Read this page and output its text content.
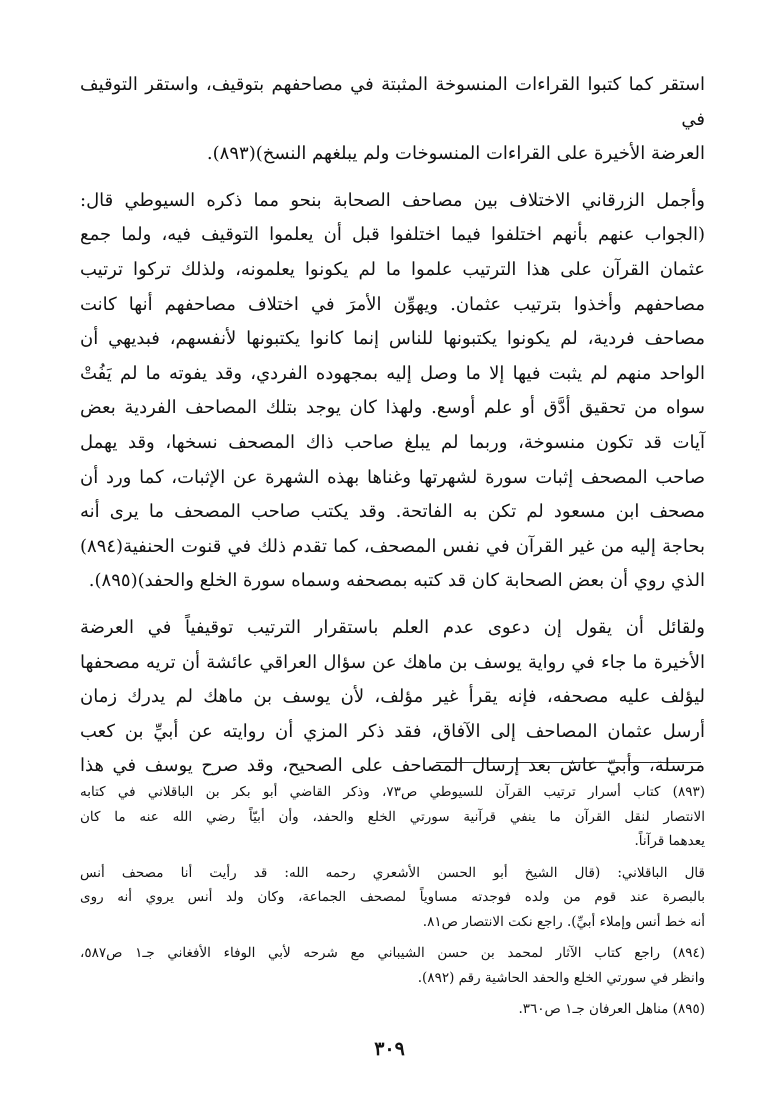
استقر كما كتبوا القراءات المنسوخة المثبتة في مصاحفهم بتوقيف، واستقر التوقيف في
العرضة الأخيرة على القراءات المنسوخات ولم يبلغهم النسخ)(٨٩٣).

وأجمل الزرقاني الاختلاف بين مصاحف الصحابة بنحو مما ذكره السيوطي قال:
(الجواب عنهم بأنهم اختلفوا فيما اختلفوا قبل أن يعلموا التوقيف فيه، ولما جمع
عثمان القرآن على هذا الترتيب علموا ما لم يكونوا يعلمونه، ولذلك تركوا ترتيب
مصاحفهم وأخذوا بترتيب عثمان. ويهوِّن الأمرَ في اختلاف مصاحفهم أنها كانت
مصاحف فردية، لم يكونوا يكتبونها للناس إنما كانوا يكتبونها لأنفسهم، فبديهي أن
الواحد منهم لم يثبت فيها إلا ما وصل إليه بمجهوده الفردي، وقد يفوته ما لم يَفُتْ
سواه من تحقيق أدَّق أو علم أوسع. ولهذا كان يوجد بتلك المصاحف الفردية بعض
آيات قد تكون منسوخة، وربما لم يبلغ صاحب ذاك المصحف نسخها، وقد يهمل
صاحب المصحف إثبات سورة لشهرتها وغناها بهذه الشهرة عن الإثبات، كما ورد أن
مصحف ابن مسعود لم تكن به الفاتحة. وقد يكتب صاحب المصحف ما يرى أنه
بحاجة إليه من غير القرآن في نفس المصحف، كما تقدم ذلك في قنوت الحنفية(٨٩٤)
الذي روي أن بعض الصحابة كان قد كتبه بمصحفه وسماه سورة الخلع والحفد)(٨٩٥).

ولقائل أن يقول إن دعوى عدم العلم باستقرار الترتيب توقيفياً في العرضة
الأخيرة ما جاء في رواية يوسف بن ماهك عن سؤال العراقي عائشة أن تريه مصحفها
ليؤلف عليه مصحفه، فإنه يقرأ غير مؤلف، لأن يوسف بن ماهك لم يدرك زمان
أرسل عثمان المصاحف إلى الآفاق، فقد ذكر المزي أن روايته عن أبيِّ بن كعب
مرسلة، وأبيّ عاش بعد إرسال المصاحف على الصحيح، وقد صرح يوسف في هذا

(٨٩٣) كتاب أسرار ترتيب القرآن للسيوطي ص٧٣، وذكر القاضي أبو بكر بن الباقلاني في كتابه
الانتصار لنقل القرآن ما ينفي قرآنية سورتي الخلع والحفد، وأن أبيّاً رضي الله عنه ما كان
يعدهما قرآناً.

قال الباقلاني: (قال الشيخ أبو الحسن الأشعري رحمه الله: قد رأيت أنا مصحف أنس
بالبصرة عند قوم من ولده فوجدته مساوياً لمصحف الجماعة، وكان ولد أنس يروي أنه روى
أنه خط أنس وإملاء أبيِّ). راجع نكت الانتصار ص٨١.

(٨٩٤) راجع كتاب الآثار لمحمد بن حسن الشيباني مع شرحه لأبي الوفاء الأفغاني جـ١ ص٥٨٧،
وانظر في سورتي الخلع والحفد الحاشية رقم (٨٩٢).

(٨٩٥) مناهل العرفان جـ١ ص٣٦٠.

٣٠٩
